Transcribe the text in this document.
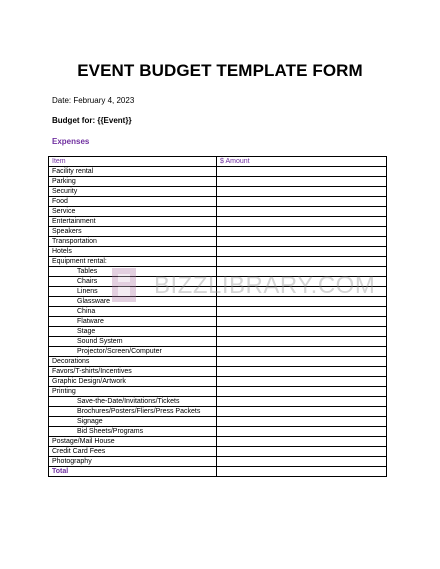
EVENT BUDGET TEMPLATE FORM
Date: February 4, 2023
Budget for: {{Event}}
Expenses
Item	$ Amount
Facility rental	
Parking	
Security	
Food	
Service	
Entertainment	
Speakers	
Transportation	
Hotels	
Equipment rental:	
Tables	
Chairs	
Linens	
Glassware	
China	
Flatware	
Stage	
Sound System	
Projector/Screen/Computer	
Decorations	
Favors/T-shirts/Incentives	
Graphic Design/Artwork	
Printing	
Save-the-Date/Invitations/Tickets	
Brochures/Posters/Fliers/Press Packets	
Signage	
Bid Sheets/Programs	
Postage/Mail House	
Credit Card Fees	
Photography	
Total	
BIZZLIBRARY.COM
